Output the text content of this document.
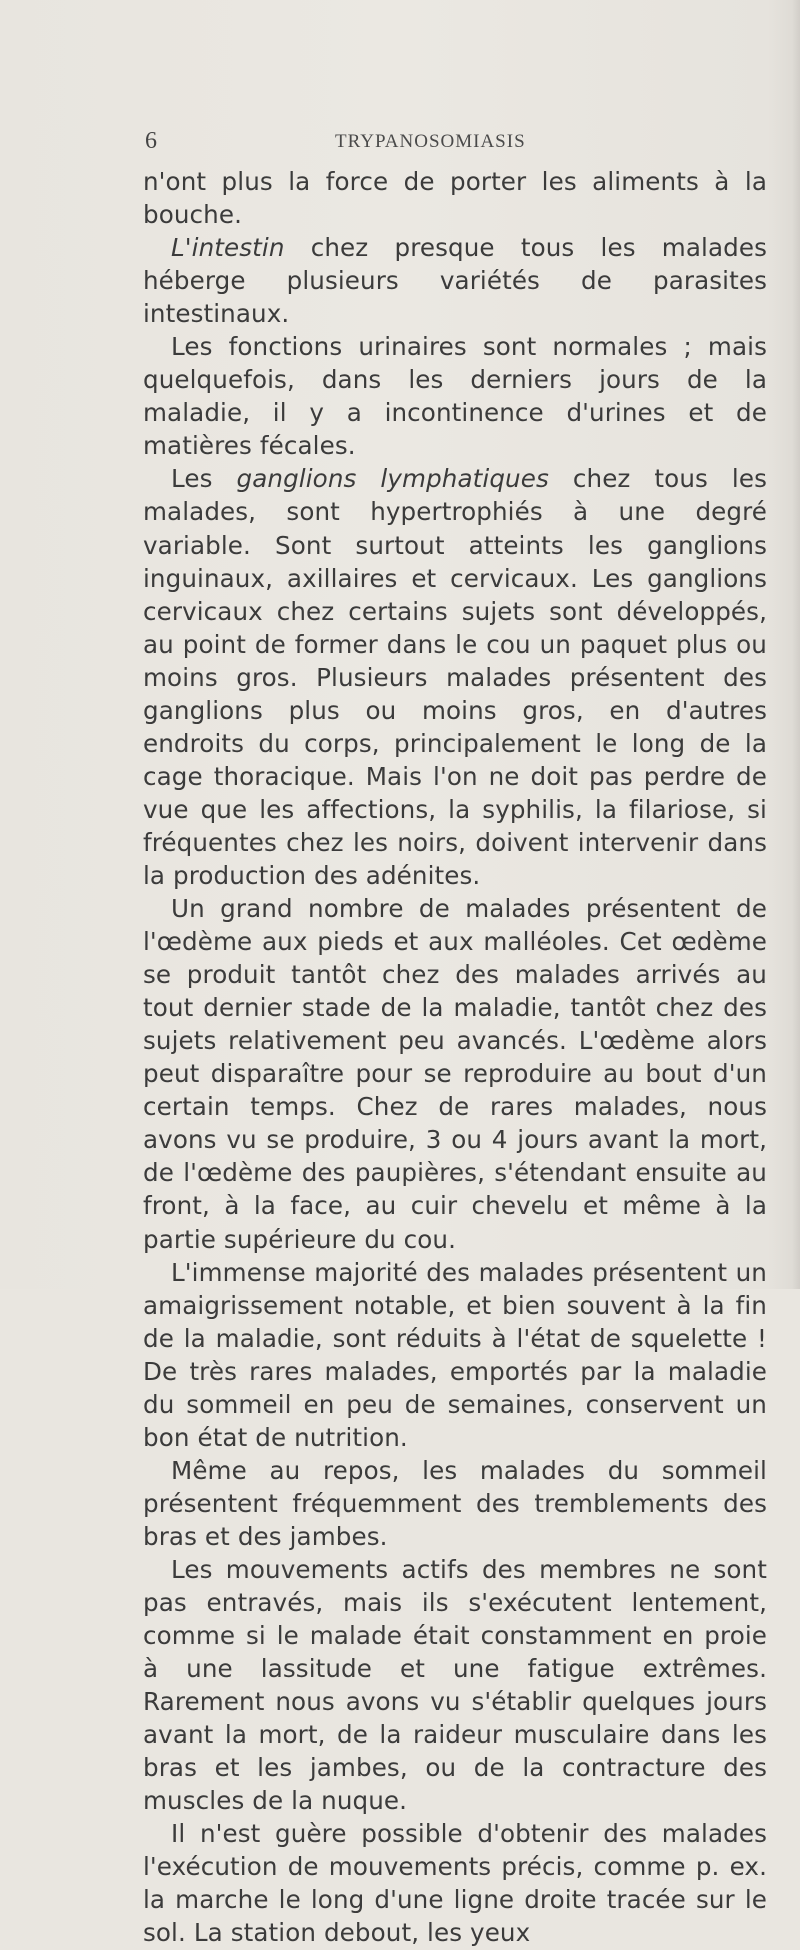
6	TRYPANOSOMIASIS

n'ont plus la force de porter les aliments à la bouche.

L'intestin chez presque tous les malades héberge plusieurs variétés de parasites intestinaux.

Les fonctions urinaires sont normales ; mais quelquefois, dans les derniers jours de la maladie, il y a incontinence d'urines et de matières fécales.

Les ganglions lymphatiques chez tous les malades, sont hypertrophiés à une degré variable. Sont surtout atteints les ganglions inguinaux, axillaires et cervicaux. Les ganglions cervicaux chez certains sujets sont développés, au point de former dans le cou un paquet plus ou moins gros. Plusieurs malades présentent des ganglions plus ou moins gros, en d'autres endroits du corps, principalement le long de la cage thoracique. Mais l'on ne doit pas perdre de vue que les affections, la syphilis, la filariose, si fréquentes chez les noirs, doivent intervenir dans la production des adénites.

Un grand nombre de malades présentent de l'œdème aux pieds et aux malléoles. Cet œdème se produit tantôt chez des malades arrivés au tout dernier stade de la maladie, tantôt chez des sujets relativement peu avancés. L'œdème alors peut disparaître pour se reproduire au bout d'un certain temps. Chez de rares malades, nous avons vu se produire, 3 ou 4 jours avant la mort, de l'œdème des paupières, s'étendant ensuite au front, à la face, au cuir chevelu et même à la partie supérieure du cou.

L'immense majorité des malades présentent un amaigrissement notable, et bien souvent à la fin de la maladie, sont réduits à l'état de squelette ! De très rares malades, emportés par la maladie du sommeil en peu de semaines, conservent un bon état de nutrition.

Même au repos, les malades du sommeil présentent fréquemment des tremblements des bras et des jambes.

Les mouvements actifs des membres ne sont pas entravés, mais ils s'exécutent lentement, comme si le malade était constamment en proie à une lassitude et une fatigue extrêmes. Rarement nous avons vu s'établir quelques jours avant la mort, de la raideur musculaire dans les bras et les jambes, ou de la contracture des muscles de la nuque.

Il n'est guère possible d'obtenir des malades l'exécution de mouvements précis, comme p. ex. la marche le long d'une ligne droite tracée sur le sol. La station debout, les yeux
